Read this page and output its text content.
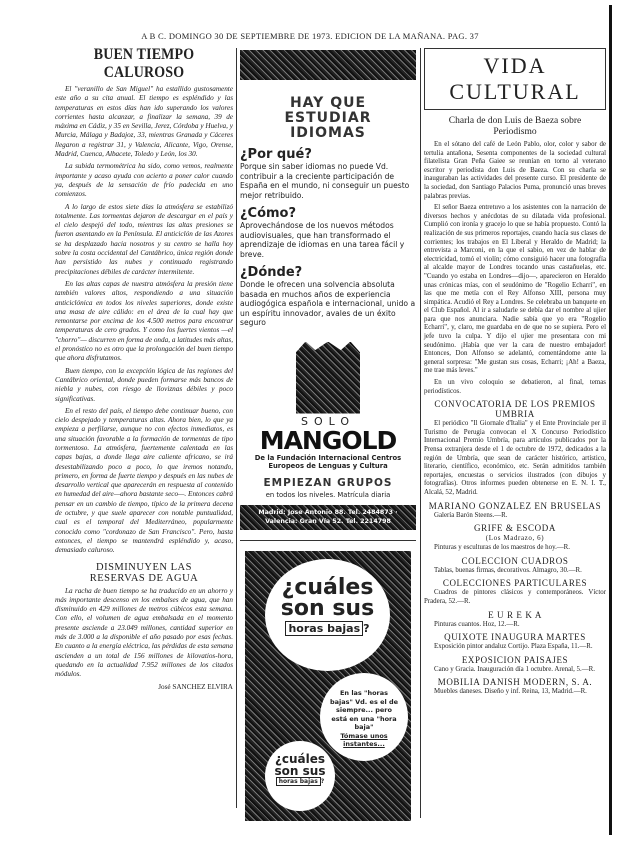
A B C. DOMINGO 30 DE SEPTIEMBRE DE 1973. EDICION DE LA MAÑANA. PAG. 37
BUEN TIEMPO CALUROSO
El "veranillo de San Miguel" ha estallido gustosamente este año a su cita anual. El tiempo es espléndido y las temperaturas en estos días han ido superando los valores corrientes hasta alcanzar, a finalizar la semana, 39 de máxima en Cádiz, y 35 en Sevilla, Jerez, Córdoba y Huelva, y Murcia, Málaga y Badajoz, 33, mientras Granada y Cáceres llegaron a registrar 31, y Valencia, Alicante, Vigo, Orense, Madrid, Cuenca, Albacete, Toledo y León, los 30.
La subida termométrica ha sido, como vemos, realmente importante y acaso ayuda con acierto a poner calor cuando ya, después de la sensación de frío padecida en uno comienzos.
A lo largo de estos siete días la atmósfera se estabilizó totalmente. Las tormentas dejaron de descargar en el país y el cielo despejó del todo, mientras las altas presiones se fueron asentando en la Península. El anticiclón de las Azores se ha desplazado hacia nosotros y su centro se halla hoy sobre la costa occidental del Cantábrico, única región donde han persistido las nubes y continuado registrando precipitaciones débiles de carácter intermitente.
En las altas capas de nuestra atmósfera la presión tiene también valores altos, respondiendo a una situación anticiclónica en todos los niveles superiores, donde existe una masa de aire cálido: en el área de la cual hay que remontarse por encima de los 4.500 metros para encontrar temperaturas de cero grados. Y como los fuertes vientos —el "chorro"— discurren en forma de onda, a latitudes más altas, el pronóstico no es otro que la prolongación del buen tiempo que ahora disfrutamos.
Buen tiempo, con la excepción lógica de las regiones del Cantábrico oriental, donde pueden formarse más bancos de niebla y nubes, con riesgo de lloviznas débiles y poco significativas.
En el resto del país, el tiempo debe continuar bueno, con cielo despejado y temperaturas altas. Ahora bien, lo que ya empieza a perfilarse, aunque no con efectos inmediatos, es una situación favorable a la formación de tormentas de tipo tormentoso. La atmósfera, fuertemente calentada en las capas bajas, a donde llega aire caliente africano, se irá desestabilizando poco a poco, lo que iremos notando, primero, en forma de fuerte tiempo y después en las nubes de desarrollo vertical que aparecerán en respuesta al contenido en humedad del aire—ahora bastante seco—. Entonces cabrá pensar en un cambio de tiempo, típico de la primera decena de octubre, y que suele aparecer con notable puntualidad, cual es el temporal del Mediterráneo, popularmente conocido como "cordonazo de San Francisco". Pero, hasta entonces, el tiempo se mantendrá espléndido y, acaso, demasiado caluroso.
DISMINUYEN LAS RESERVAS DE AGUA
La racha de buen tiempo se ha traducido en un ahorro y más importante descenso en los embalses de agua, que han disminuido en 429 millones de metros cúbicos esta semana. Con ello, el volumen de agua embalsada en el momento presente asciende a 23.049 millones, cantidad superior en más de 3.000 a la disponible el año pasado por esas fechas. En cuanto a la energía eléctrica, las pérdidas de esta semana ascienden a un total de 156 millones de kilovatios-hora, quedando en la actualidad 7.952 millones de los citados módulos.
José SANCHEZ ELVIRA
HAY QUE ESTUDIAR IDIOMAS
¿Por qué?
Porque sin saber idiomas no puede Vd. contribuir a la creciente participación de España en el mundo, ni conseguir un puesto mejor retribuido.
¿Cómo?
Aprovechándose de los nuevos métodos audiovisuales, que han transformado el aprendizaje de idiomas en una tarea fácil y breve.
¿Dónde?
Donde le ofrecen una solvencia absoluta basada en muchos años de experiencia audiogógica española e internacional, unido a un espíritu innovador, avales de un éxito seguro
SOLO
MANGOLD
De la Fundación Internacional Centros Europeos de Lenguas y Cultura
EMPIEZAN GRUPOS
en todos los niveles. Matrícula diaria
Madrid: Jose Antonio 88. Tel. 2484873 · Valencia: Gran Vía 52. Tel. 2214798
¿cuáles
son sus
horas bajas ?
En las "horas bajas" Vd. es el de siempre... pero está en una "hora baja"
Tómase unos instantes...
¿cuáles
son sus
horas bajas ?
VIDA CULTURAL
Charla de don Luis de Baeza sobre Periodismo
En el sótano del café de León Pablo, olor, color y sabor de tertulia antañona, Sesenta componentes de la sociedad cultural filatelista Gran Peña Gaiee se reunían en torno al veterano escritor y periodista don Luis de Baeza. Con su charla se inauguraban las actividades del presente curso. El presidente de la sociedad, don Santiago Palacios Puma, pronunció unas breves palabras previas.
El señor Baeza entretuvo a los asistentes con la narración de diversos hechos y anécdotas de su dilatada vida profesional. Cumplió con ironía y gracejo lo que se había propuesto. Contó la realización de sus primeros reportajes, cuando hacía sus clases de corrientes; los trabajos en El Liberal y Heraldo de Madrid; la entrevista a Marconi, en la que el sabio, en vez de hablar de electricidad, tomó el violín; cómo consiguió hacer una fotografía al alcalde mayor de Londres tocando unas castañuelas, etc. "Cuando yo estaba en Londres—dijo—, aparecieron en Heraldo unas crónicas mías, con el seudónimo de "Rogelio Echarri", en las que me metía con el Rey Alfonso XIII, persona muy simpática. Acudió el Rey a Londres. Se celebraba un banquete en el Club Español. Al ir a saludarle se debía dar el nombre al ujier para que nos anunciara. Nadie sabía que yo era "Rogelio Echarri", y, claro, me guardaba en de que no se supiera. Pero el jefe tuvo la culpa. Y dijo el ujier me presentara con mi seudónimo. ¡Había que ver la cara de nuestro embajador! Entonces, Don Alfonso se adelantó, comentándome ante la general sorpresa: "Me gustan sus cosas, Echarri; ¡Ah! a Baeza, me trae más leves."
En un vivo coloquio se debatieron, al final, temas periodísticos.
CONVOCATORIA DE LOS PREMIOS UMBRIA
El periódico "Il Giornale d'Italia" y el Ente Provinciale per il Turismo de Perugia convocan el X Concurso Periodístico Internacional Premio Umbría, para artículos publicados por la Prensa extranjera desde el 1 de octubre de 1972, dedicados a la región de Umbría, que sean de carácter histórico, artístico, literario, científico, económico, etc. Serán admitidos también reportajes, encuestas o servicios ilustrados (con dibujos y fotografías). Otros informes pueden obtenerse en E. N. I. T., Alcalá, 52, Madrid.
MARIANO GONZALEZ EN BRUSELAS
Galería Barón Steens.—R.
GRIFE & ESCODA
(Los Madrazo, 6)
Pinturas y esculturas de los maestros de hoy.—R.
COLECCION CUADROS
Tablas, buenas firmas, decorativos. Almagro, 30.—R.
COLECCIONES PARTICULARES
Cuadros de pintores clásicos y contemporáneos. Víctor Pradera, 52.—R.
E U R E K A
Pinturas cuantos. Hoz, 12.—R.
QUIXOTE INAUGURA MARTES
Exposición pintor andaluz Cortijo. Plaza España, 11.—R.
EXPOSICION PAISAJES
Cano y Gracia. Inauguración día 1 octubre. Arenal, 5.—R.
MOBILIA DANISH MODERN, S. A.
Muebles daneses. Diseño y inf. Reina, 13, Madrid.—R.
